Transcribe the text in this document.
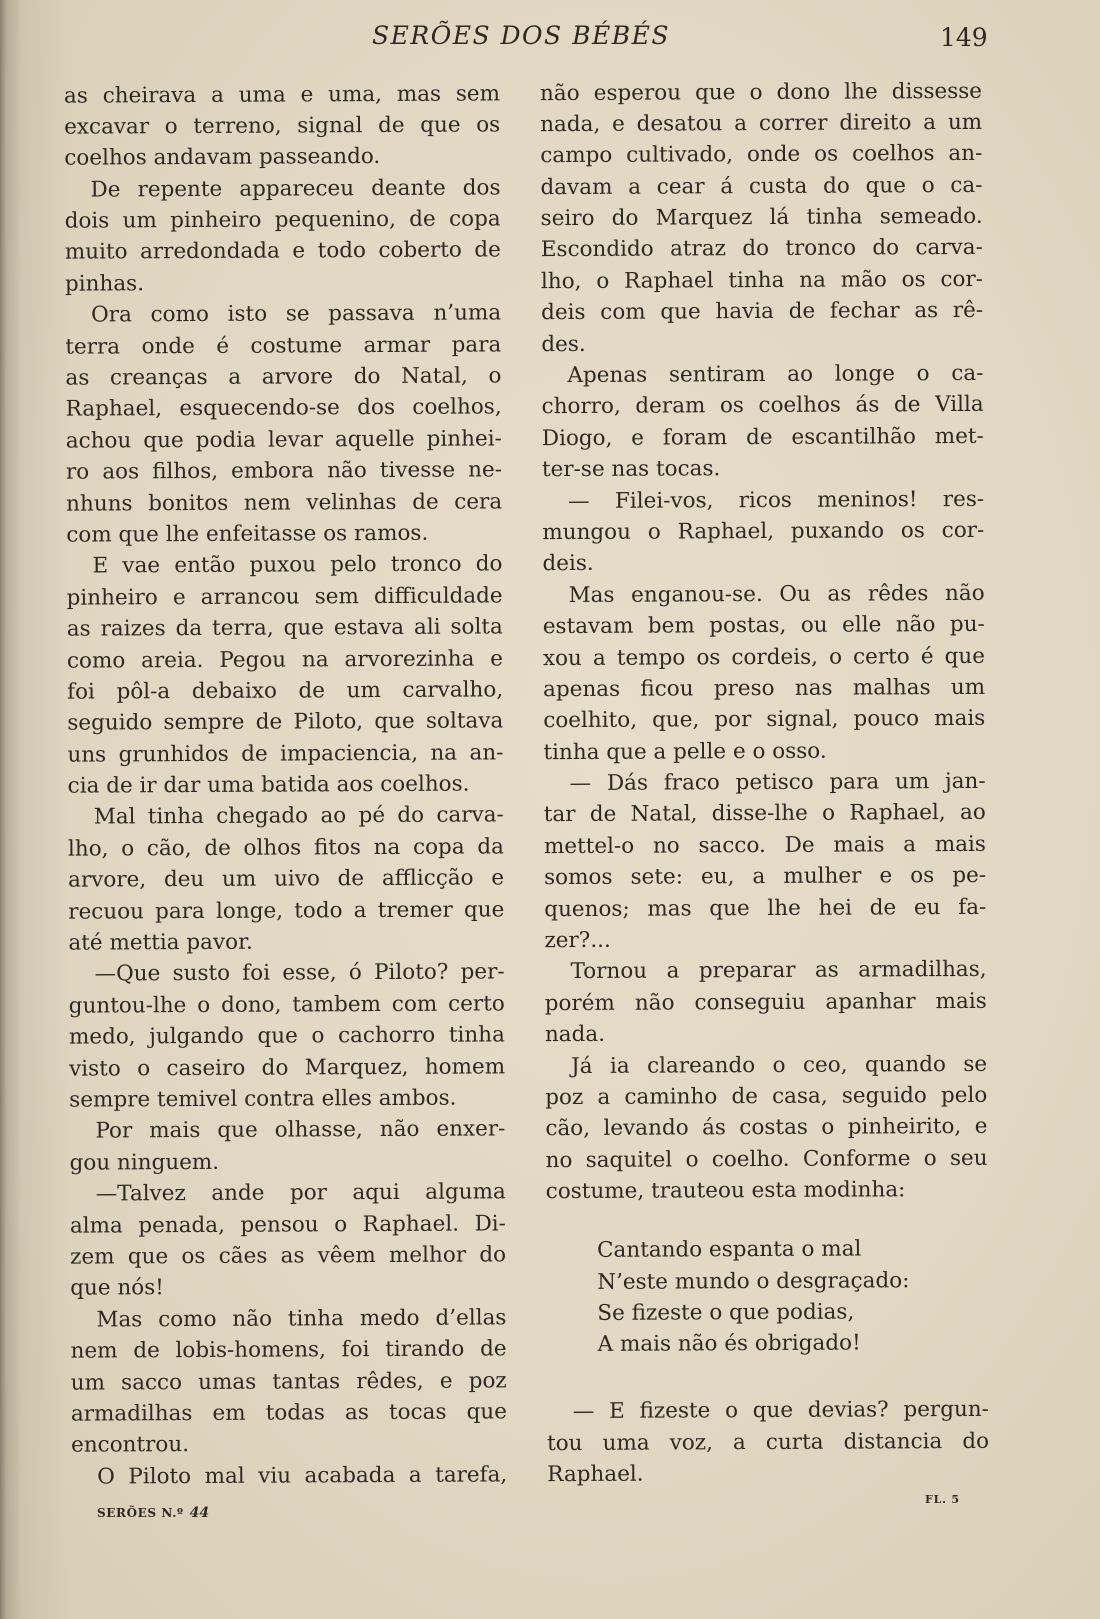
SERÕES DOS BÉBÉS	149
as cheirava a uma e uma, mas sem
excavar o terreno, signal de que os
coelhos andavam passeando.
De repente appareceu deante dos
dois um pinheiro pequenino, de copa
muito arredondada e todo coberto de
pinhas.
Ora como isto se passava n’uma
terra onde é costume armar para
as creanças a arvore do Natal, o
Raphael, esquecendo-se dos coelhos,
achou que podia levar aquelle pinhei-
ro aos filhos, embora não tivesse ne-
nhuns bonitos nem velinhas de cera
com que lhe enfeitasse os ramos.
E vae então puxou pelo tronco do
pinheiro e arrancou sem difficuldade
as raizes da terra, que estava ali solta
como areia. Pegou na arvorezinha e
foi pôl-a debaixo de um carvalho,
seguido sempre de Piloto, que soltava
uns grunhidos de impaciencia, na an-
cia de ir dar uma batida aos coelhos.
Mal tinha chegado ao pé do carva-
lho, o cão, de olhos fitos na copa da
arvore, deu um uivo de afflicção e
recuou para longe, todo a tremer que
até mettia pavor.
—Que susto foi esse, ó Piloto? per-
guntou-lhe o dono, tambem com certo
medo, julgando que o cachorro tinha
visto o caseiro do Marquez, homem
sempre temivel contra elles ambos.
Por mais que olhasse, não enxer-
gou ninguem.
—Talvez ande por aqui alguma
alma penada, pensou o Raphael. Di-
zem que os cães as vêem melhor do
que nós!
Mas como não tinha medo d’ellas
nem de lobis-homens, foi tirando de
um sacco umas tantas rêdes, e poz
armadilhas em todas as tocas que
encontrou.
O Piloto mal viu acabada a tarefa,
não esperou que o dono lhe dissesse
nada, e desatou a correr direito a um
campo cultivado, onde os coelhos an-
davam a cear á custa do que o ca-
seiro do Marquez lá tinha semeado.
Escondido atraz do tronco do carva-
lho, o Raphael tinha na mão os cor-
deis com que havia de fechar as rê-
des.
Apenas sentiram ao longe o ca-
chorro, deram os coelhos ás de Villa
Diogo, e foram de escantilhão met-
ter-se nas tocas.
— Filei-vos, ricos meninos! res-
mungou o Raphael, puxando os cor-
deis.
Mas enganou-se. Ou as rêdes não
estavam bem postas, ou elle não pu-
xou a tempo os cordeis, o certo é que
apenas ficou preso nas malhas um
coelhito, que, por signal, pouco mais
tinha que a pelle e o osso.
— Dás fraco petisco para um jan-
tar de Natal, disse-lhe o Raphael, ao
mettel-o no sacco. De mais a mais
somos sete: eu, a mulher e os pe-
quenos; mas que lhe hei de eu fa-
zer?...
Tornou a preparar as armadilhas,
porém não conseguiu apanhar mais
nada.
Já ia clareando o ceo, quando se
poz a caminho de casa, seguido pelo
cão, levando ás costas o pinheirito, e
no saquitel o coelho. Conforme o seu
costume, trauteou esta modinha:
Cantando espanta o mal
N’este mundo o desgraçado:
Se fizeste o que podias,
A mais não és obrigado!
— E fizeste o que devias? pergun-
tou uma voz, a curta distancia do
Raphael.
SERÕES N.º 44
FL. 5
